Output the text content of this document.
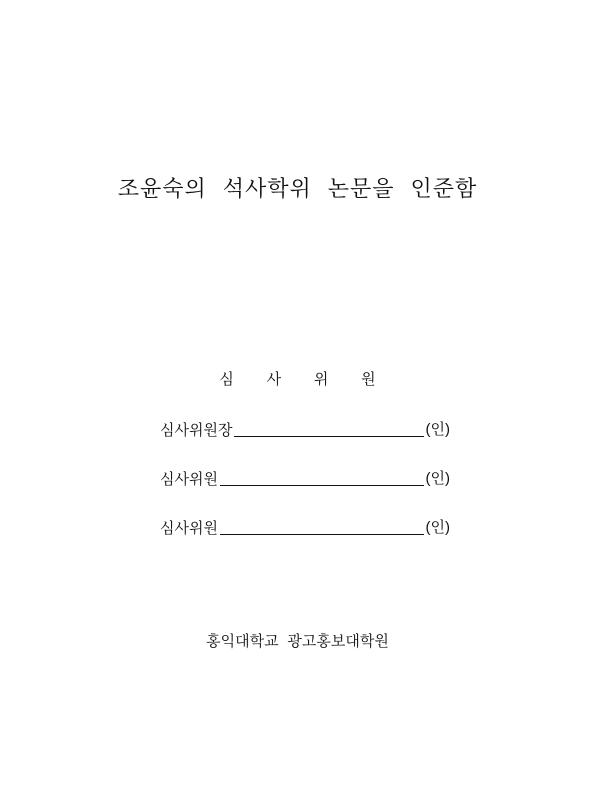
조윤숙의 석사학위 논문을 인준함
심 사 위 원
심사위원장	(인)
심사위원	(인)
심사위원	(인)
홍익대학교 광고홍보대학원
